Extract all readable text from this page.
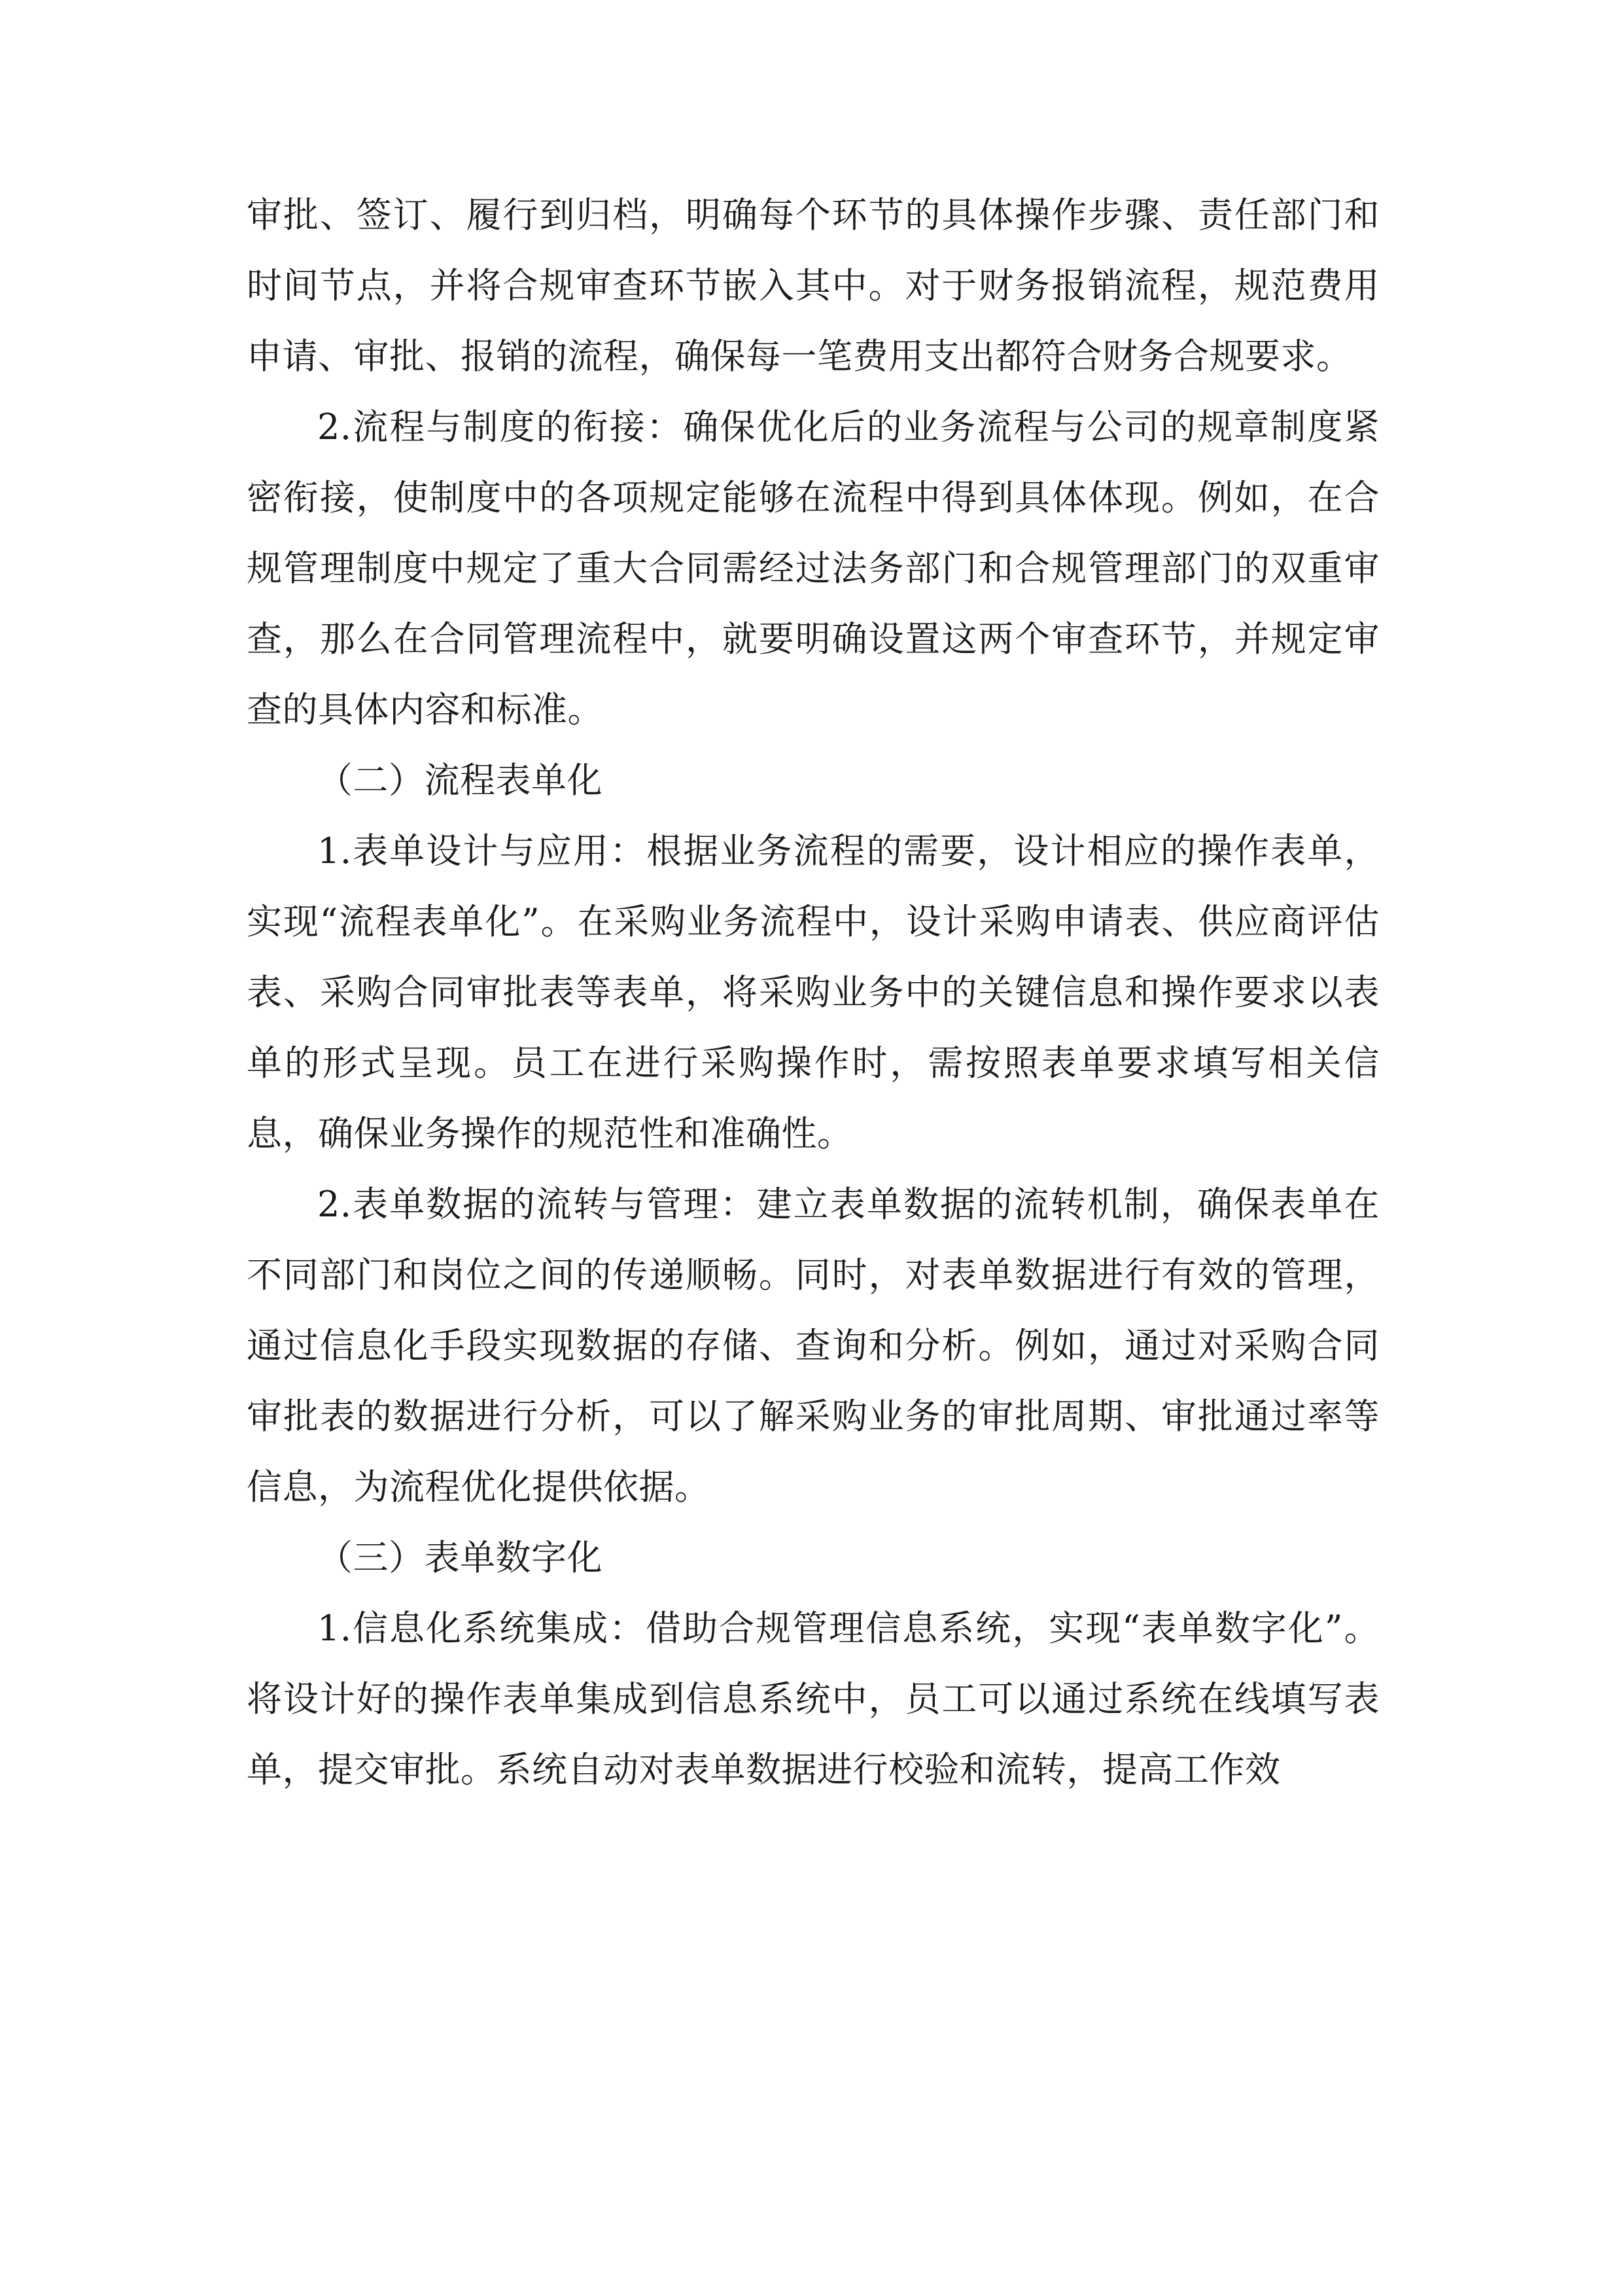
审批、签订、履行到归档，明确每个环节的具体操作步骤、责任部门和时间节点，并将合规审查环节嵌入其中。对于财务报销流程，规范费用申请、审批、报销的流程，确保每一笔费用支出都符合财务合规要求。

2.流程与制度的衔接：确保优化后的业务流程与公司的规章制度紧密衔接，使制度中的各项规定能够在流程中得到具体体现。例如，在合规管理制度中规定了重大合同需经过法务部门和合规管理部门的双重审查，那么在合同管理流程中，就要明确设置这两个审查环节，并规定审查的具体内容和标准。

（二）流程表单化

1.表单设计与应用：根据业务流程的需要，设计相应的操作表单，实现“流程表单化”。在采购业务流程中，设计采购申请表、供应商评估表、采购合同审批表等表单，将采购业务中的关键信息和操作要求以表单的形式呈现。员工在进行采购操作时，需按照表单要求填写相关信息，确保业务操作的规范性和准确性。

2.表单数据的流转与管理：建立表单数据的流转机制，确保表单在不同部门和岗位之间的传递顺畅。同时，对表单数据进行有效的管理，通过信息化手段实现数据的存储、查询和分析。例如，通过对采购合同审批表的数据进行分析，可以了解采购业务的审批周期、审批通过率等信息，为流程优化提供依据。

（三）表单数字化

1.信息化系统集成：借助合规管理信息系统，实现“表单数字化”。将设计好的操作表单集成到信息系统中，员工可以通过系统在线填写表单，提交审批。系统自动对表单数据进行校验和流转，提高工作效
